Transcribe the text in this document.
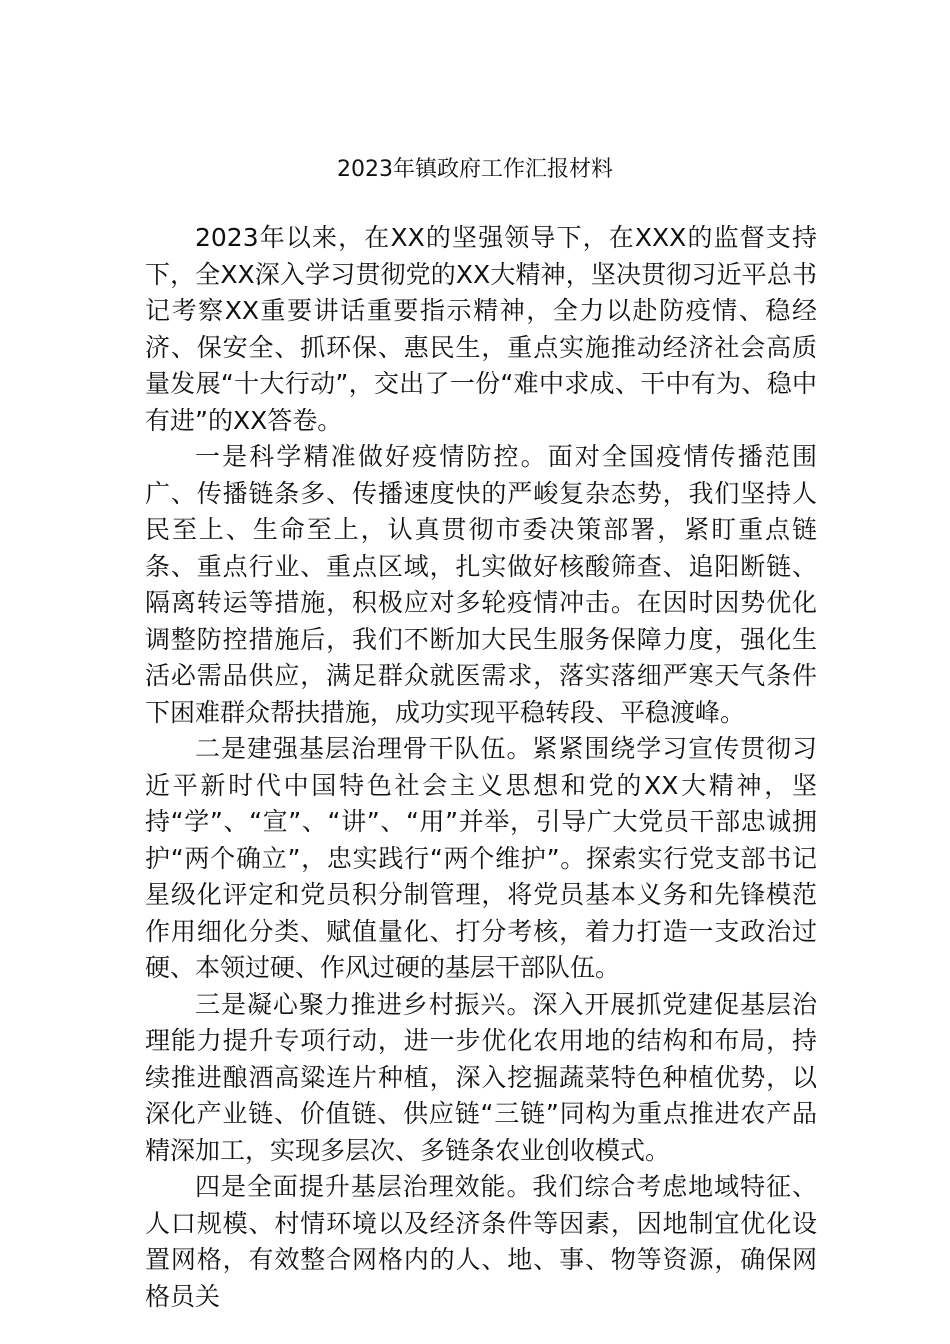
2023年镇政府工作汇报材料

2023年以来，在XX的坚强领导下，在XXX的监督支持下，全XX深入学习贯彻党的XX大精神，坚决贯彻习近平总书记考察XX重要讲话重要指示精神，全力以赴防疫情、稳经济、保安全、抓环保、惠民生，重点实施推动经济社会高质量发展“十大行动”，交出了一份“难中求成、干中有为、稳中有进”的XX答卷。

一是科学精准做好疫情防控。面对全国疫情传播范围广、传播链条多、传播速度快的严峻复杂态势，我们坚持人民至上、生命至上，认真贯彻市委决策部署，紧盯重点链条、重点行业、重点区域，扎实做好核酸筛查、追阳断链、隔离转运等措施，积极应对多轮疫情冲击。在因时因势优化调整防控措施后，我们不断加大民生服务保障力度，强化生活必需品供应，满足群众就医需求，落实落细严寒天气条件下困难群众帮扶措施，成功实现平稳转段、平稳渡峰。

二是建强基层治理骨干队伍。紧紧围绕学习宣传贯彻习近平新时代中国特色社会主义思想和党的XX大精神，坚持“学”、“宣”、“讲”、“用”并举，引导广大党员干部忠诚拥护“两个确立”，忠实践行“两个维护”。探索实行党支部书记星级化评定和党员积分制管理，将党员基本义务和先锋模范作用细化分类、赋值量化、打分考核，着力打造一支政治过硬、本领过硬、作风过硬的基层干部队伍。

三是凝心聚力推进乡村振兴。深入开展抓党建促基层治理能力提升专项行动，进一步优化农用地的结构和布局，持续推进酿酒高粱连片种植，深入挖掘蔬菜特色种植优势，以深化产业链、价值链、供应链“三链”同构为重点推进农产品精深加工，实现多层次、多链条农业创收模式。

四是全面提升基层治理效能。我们综合考虑地域特征、人口规模、村情环境以及经济条件等因素，因地制宜优化设置网格，有效整合网格内的人、地、事、物等资源，确保网格员关
